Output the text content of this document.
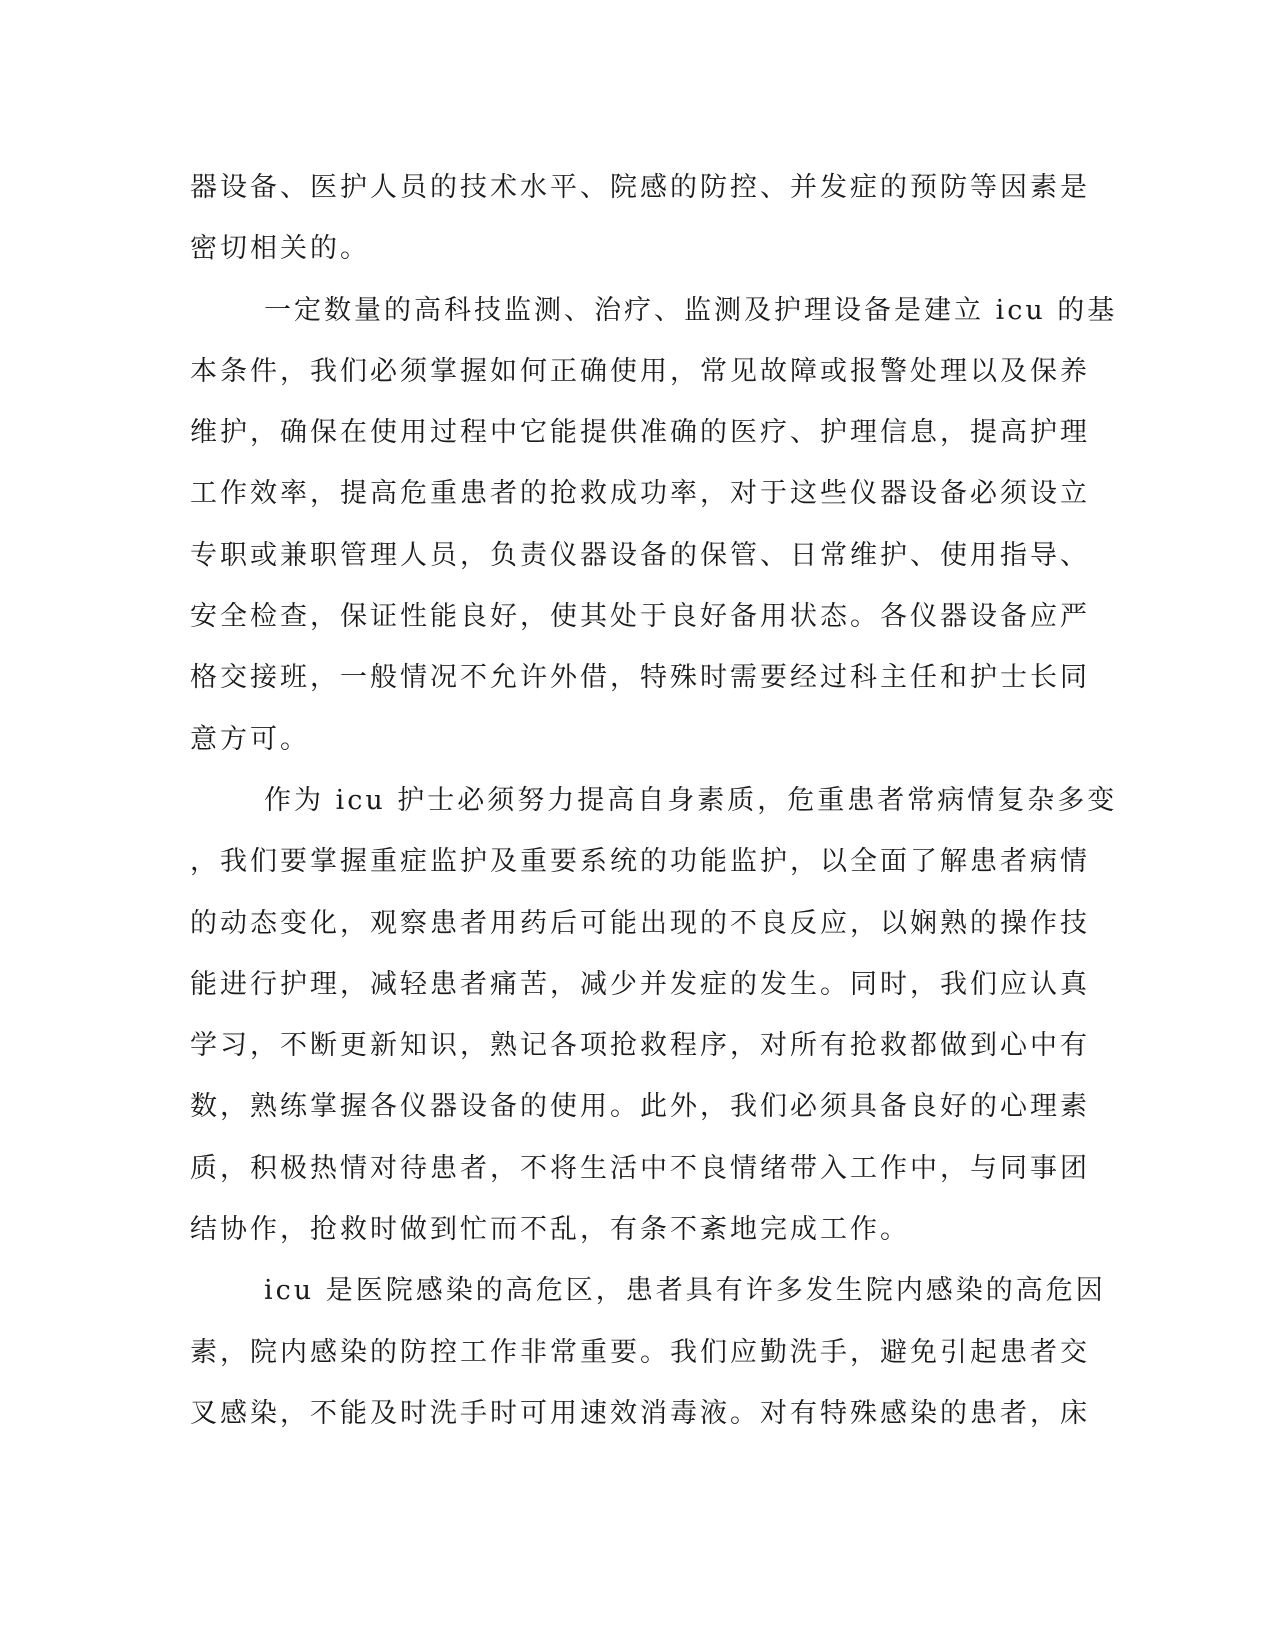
器设备、医护人员的技术水平、院感的防控、并发症的预防等因素是
密切相关的。
一定数量的高科技监测、治疗、监测及护理设备是建立 icu 的基
本条件，我们必须掌握如何正确使用，常见故障或报警处理以及保养
维护，确保在使用过程中它能提供准确的医疗、护理信息，提高护理
工作效率，提高危重患者的抢救成功率，对于这些仪器设备必须设立
专职或兼职管理人员，负责仪器设备的保管、日常维护、使用指导、
安全检查，保证性能良好，使其处于良好备用状态。各仪器设备应严
格交接班，一般情况不允许外借，特殊时需要经过科主任和护士长同
意方可。
作为 icu 护士必须努力提高自身素质，危重患者常病情复杂多变
，我们要掌握重症监护及重要系统的功能监护，以全面了解患者病情
的动态变化，观察患者用药后可能出现的不良反应，以娴熟的操作技
能进行护理，减轻患者痛苦，减少并发症的发生。同时，我们应认真
学习，不断更新知识，熟记各项抢救程序，对所有抢救都做到心中有
数，熟练掌握各仪器设备的使用。此外，我们必须具备良好的心理素
质，积极热情对待患者，不将生活中不良情绪带入工作中，与同事团
结协作，抢救时做到忙而不乱，有条不紊地完成工作。
icu 是医院感染的高危区，患者具有许多发生院内感染的高危因
素，院内感染的防控工作非常重要。我们应勤洗手，避免引起患者交
叉感染，不能及时洗手时可用速效消毒液。对有特殊感染的患者，床
